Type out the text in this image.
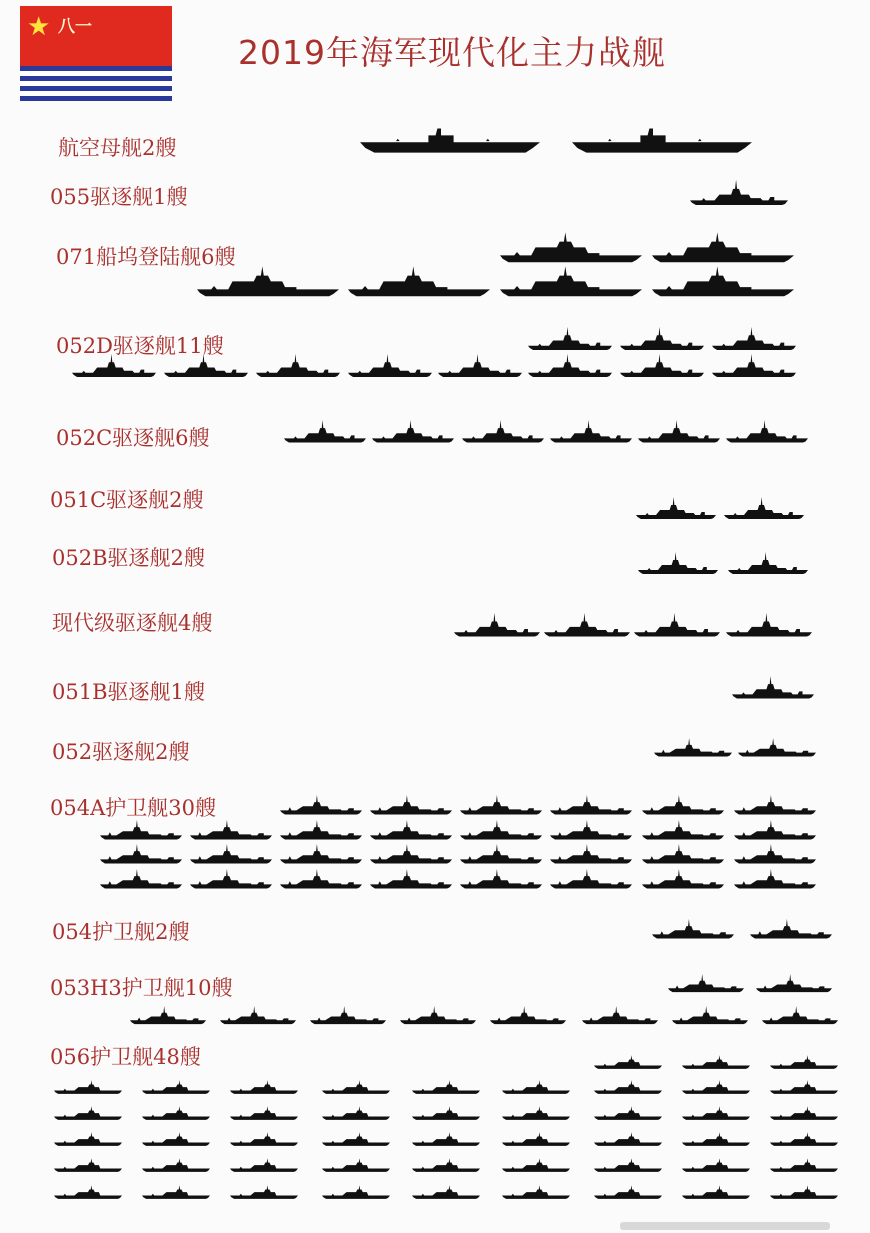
★ 八一
2019年海军现代化主力战舰
航空母舰2艘
055驱逐舰1艘
071船坞登陆舰6艘
052D驱逐舰11艘
052C驱逐舰6艘
051C驱逐舰2艘
052B驱逐舰2艘
现代级驱逐舰4艘
051B驱逐舰1艘
052驱逐舰2艘
054A护卫舰30艘
054护卫舰2艘
053H3护卫舰10艘
056护卫舰48艘
